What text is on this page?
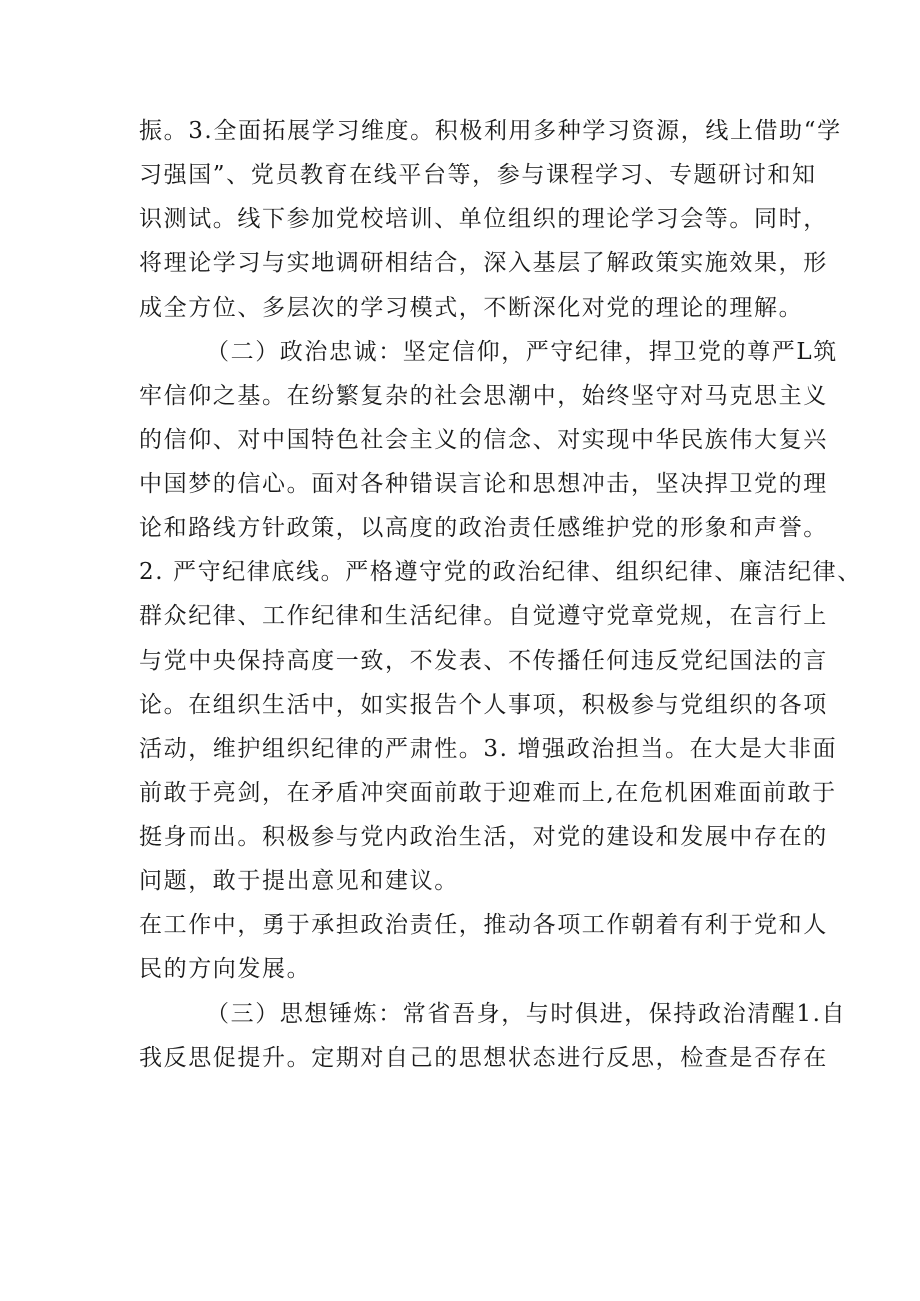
振。3.全面拓展学习维度。积极利用多种学习资源，线上借助“学
习强国”、党员教育在线平台等，参与课程学习、专题研讨和知
识测试。线下参加党校培训、单位组织的理论学习会等。同时，
将理论学习与实地调研相结合，深入基层了解政策实施效果，形
成全方位、多层次的学习模式，不断深化对党的理论的理解。
（二）政治忠诚：坚定信仰，严守纪律，捍卫党的尊严L筑
牢信仰之基。在纷繁复杂的社会思潮中，始终坚守对马克思主义
的信仰、对中国特色社会主义的信念、对实现中华民族伟大复兴
中国梦的信心。面对各种错误言论和思想冲击，坚决捍卫党的理
论和路线方针政策，以高度的政治责任感维护党的形象和声誉。
2. 严守纪律底线。严格遵守党的政治纪律、组织纪律、廉洁纪律、
群众纪律、工作纪律和生活纪律。自觉遵守党章党规，在言行上
与党中央保持高度一致，不发表、不传播任何违反党纪国法的言
论。在组织生活中，如实报告个人事项，积极参与党组织的各项
活动，维护组织纪律的严肃性。3. 增强政治担当。在大是大非面
前敢于亮剑，在矛盾冲突面前敢于迎难而上,在危机困难面前敢于
挺身而出。积极参与党内政治生活，对党的建设和发展中存在的
问题，敢于提出意见和建议。
在工作中，勇于承担政治责任，推动各项工作朝着有利于党和人
民的方向发展。
（三）思想锤炼：常省吾身，与时俱进，保持政治清醒1.自
我反思促提升。定期对自己的思想状态进行反思，检查是否存在
